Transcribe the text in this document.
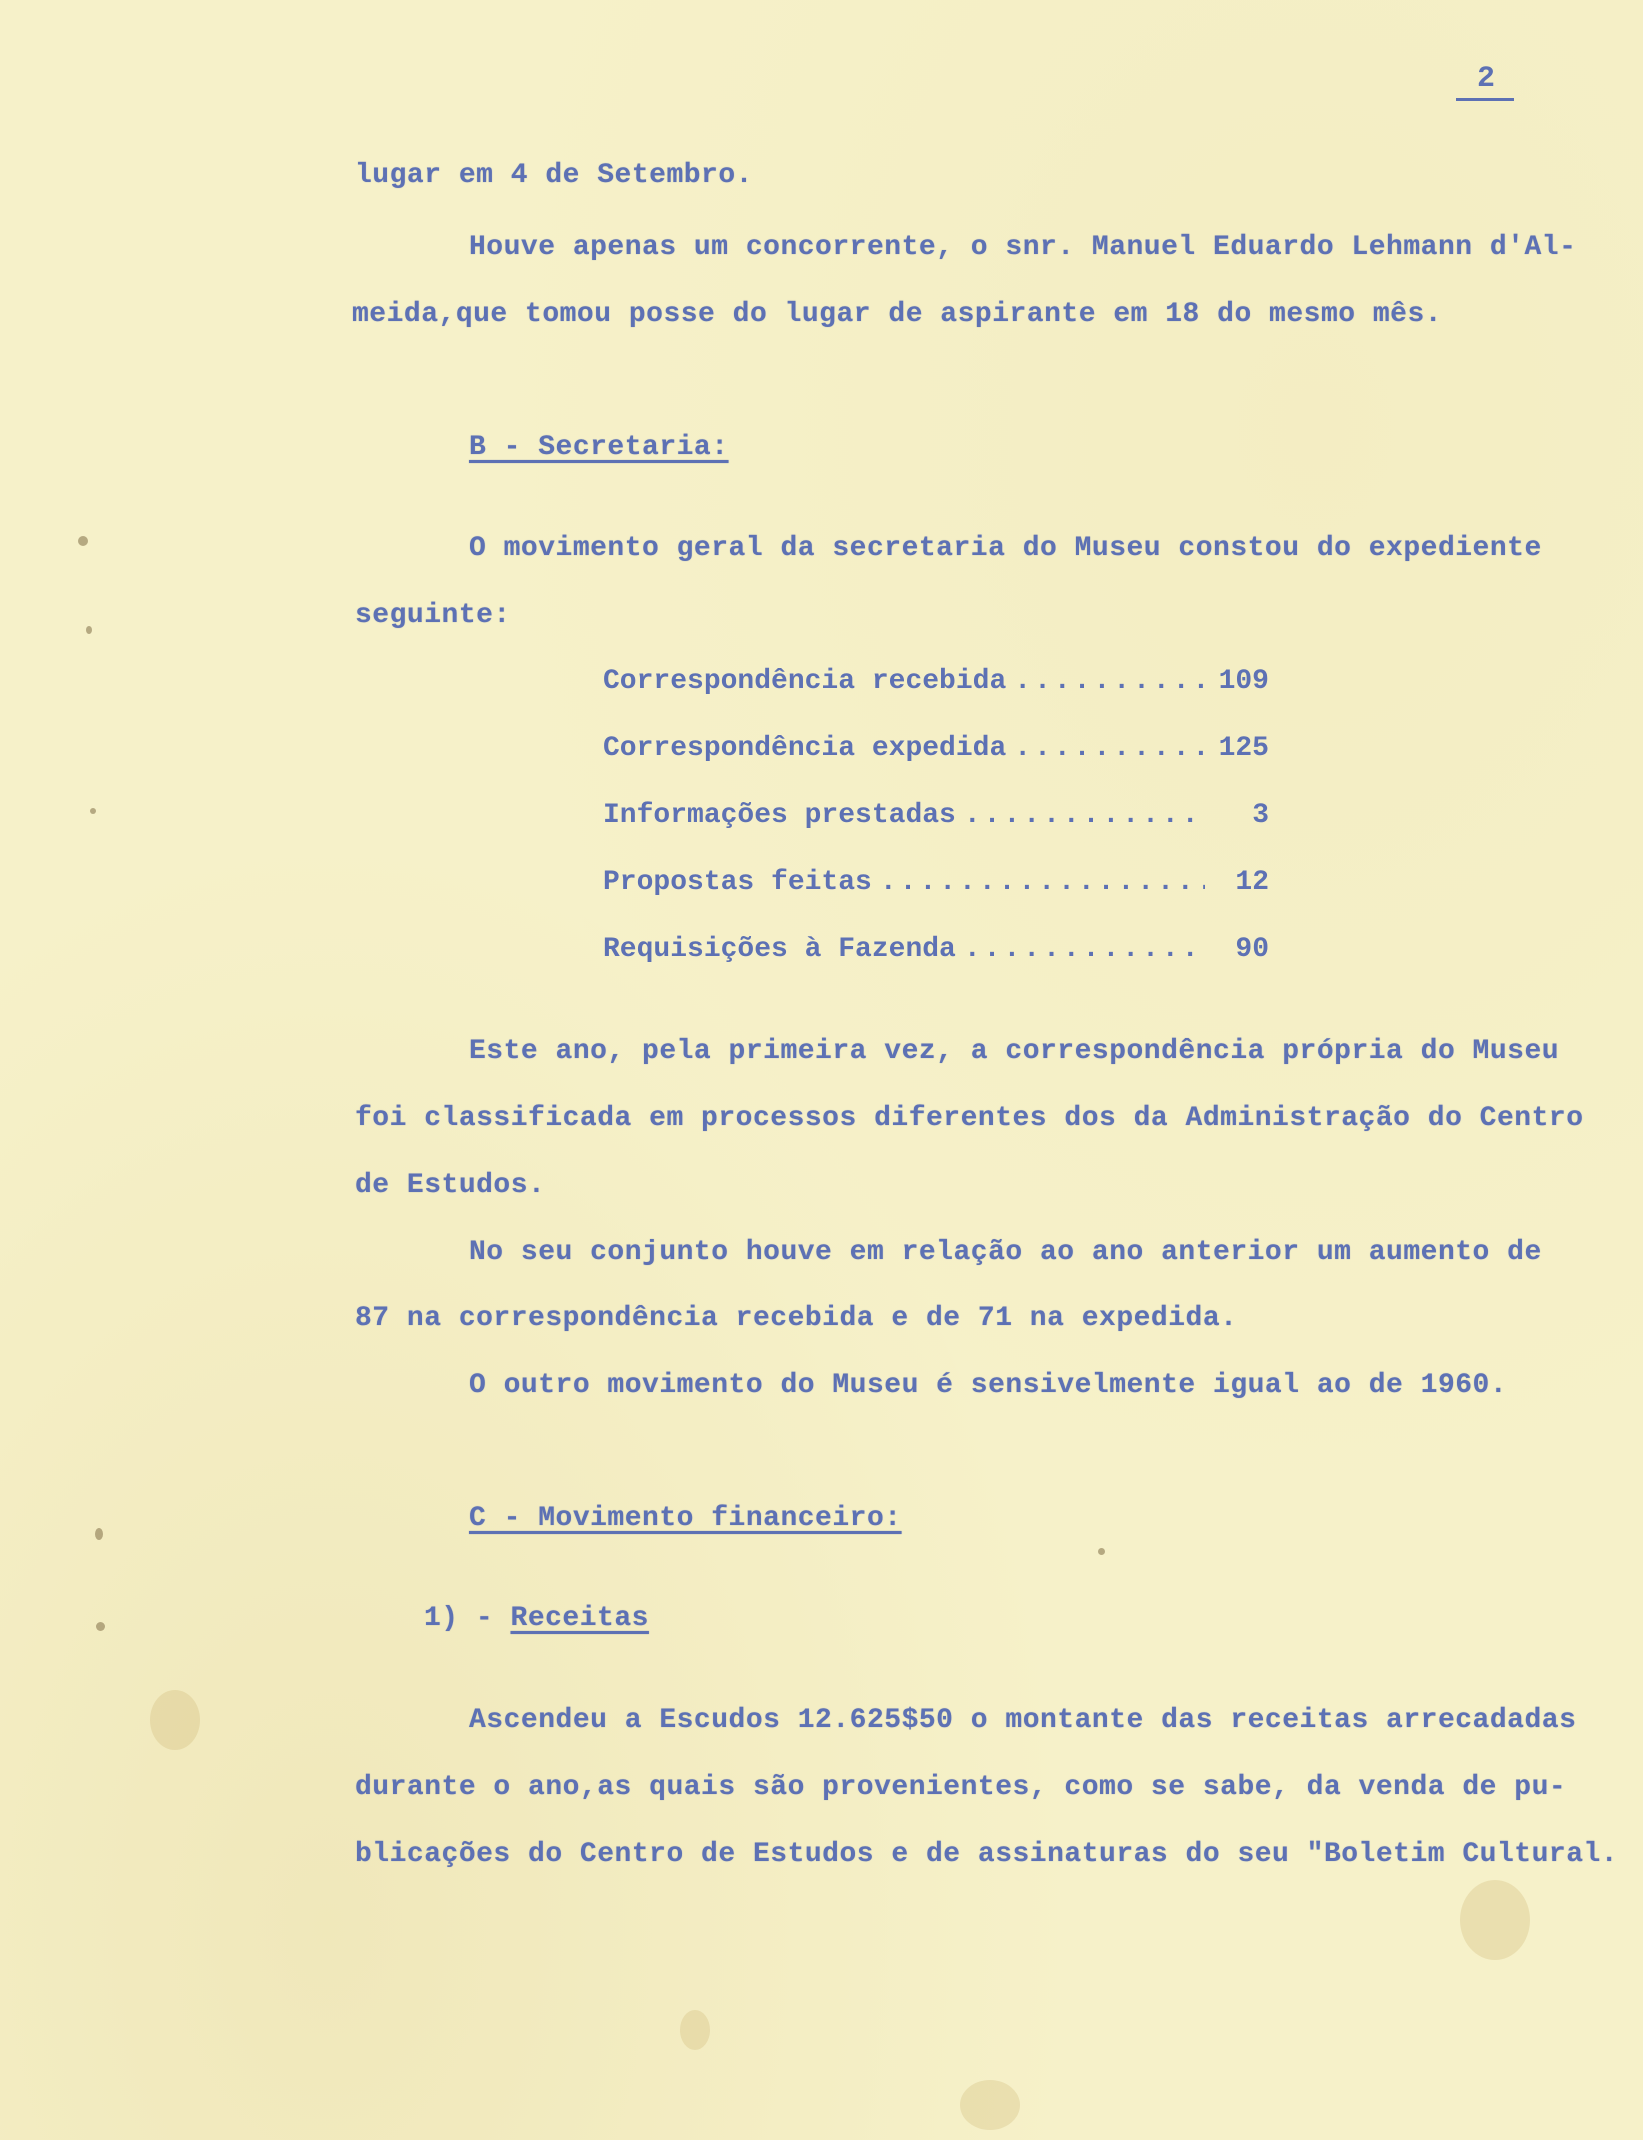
2
lugar em 4 de Setembro.
Houve apenas um concorrente, o snr. Manuel Eduardo Lehmann d'Al-
meida,que tomou posse do lugar de aspirante em 18 do mesmo mês.
B - Secretaria:
O movimento geral da secretaria do Museu constou do expediente
seguinte:
Correspondência recebida .....	109
Correspondência expedida .....	125
Informações prestadas .....	3
Propostas feitas .....	12
Requisições à Fazenda .....	90
Este ano, pela primeira vez, a correspondência própria do Museu
foi classificada em processos diferentes dos da Administração do Centro
de Estudos.
No seu conjunto houve em relação ao ano anterior um aumento de
87 na correspondência recebida e de 71 na expedida.
O outro movimento do Museu é sensivelmente igual ao de 1960.
C - Movimento financeiro:
1) - Receitas
Ascendeu a Escudos 12.625$50 o montante das receitas arrecadadas
durante o ano,as quais são provenientes, como se sabe, da venda de pu-
blicações do Centro de Estudos e de assinaturas do seu "Boletim Cultural.
